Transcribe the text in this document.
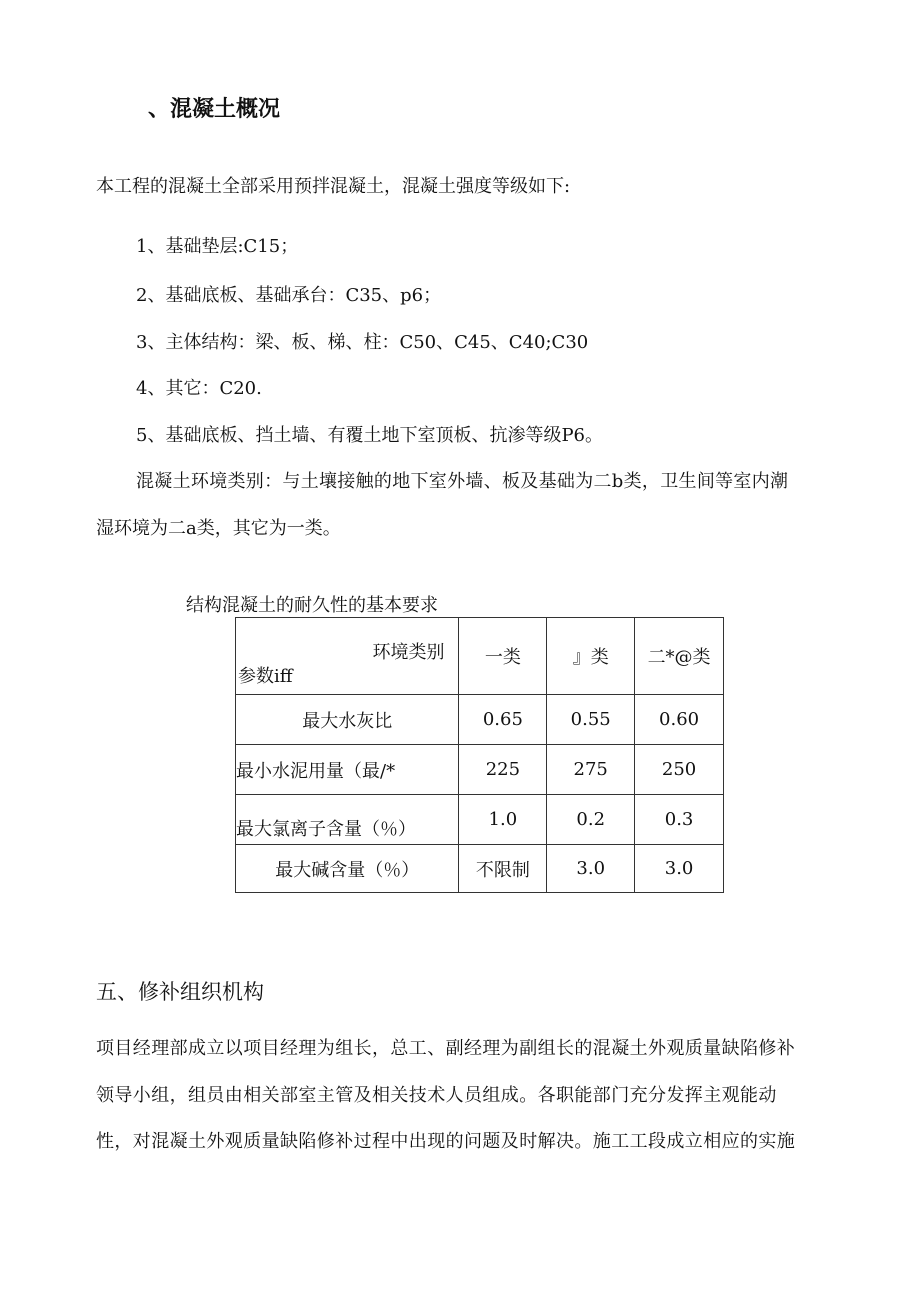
、混凝土概况
本工程的混凝土全部采用预拌混凝土，混凝土强度等级如下:
1、基础垫层:C15；
2、基础底板、基础承台：C35、p6；
3、主体结构：梁、板、梯、柱：C50、C45、C40;C30
4、其它：C20.
5、基础底板、挡土墙、有覆土地下室顶板、抗渗等级P6。
混凝土环境类别：与土壤接触的地下室外墙、板及基础为二b类，卫生间等室内潮
湿环境为二a类，其它为一类。
结构混凝土的耐久性的基本要求
环境类别
参数iff	一类	』类	二*@类
最大水灰比	0.65	0.55	0.60
最小水泥用量（最/*	225	275	250
最大氯离子含量（％）	1.0	0.2	0.3
最大碱含量（％）	不限制	3.0	3.0
五、修补组织机构
项目经理部成立以项目经理为组长，总工、副经理为副组长的混凝土外观质量缺陷修补
领导小组，组员由相关部室主管及相关技术人员组成。各职能部门充分发挥主观能动
性，对混凝土外观质量缺陷修补过程中出现的问题及时解决。施工工段成立相应的实施
